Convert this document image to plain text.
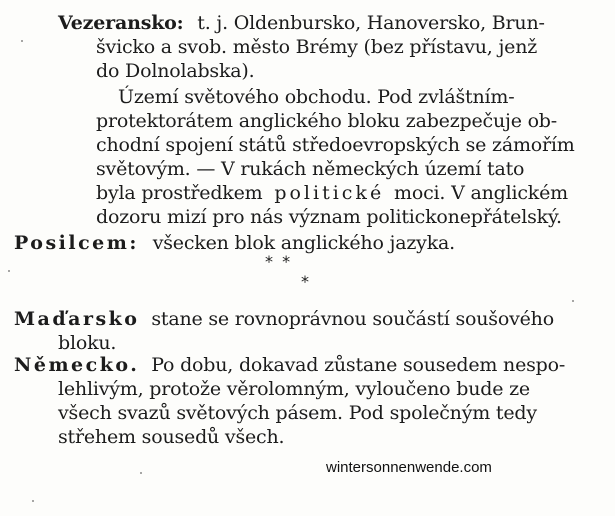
Vezeransko: t. j. Oldenbursko, Hanoversko, Brun-
švicko a svob. město Brémy (bez přístavu, jenž
do Dolnolabska).
Území světového obchodu. Pod zvláštním-
protektorátem anglického bloku zabezpečuje ob-
chodní spojení států středoevropských se zámořím
světovým. — V rukách německých území tato
byla prostředkem politické moci. V anglickém
dozoru mizí pro nás význam politickonepřátelský.
Posilcem: všecken blok anglického jazyka.
* *
*
Maďarsko stane se rovnoprávnou součástí soušového
bloku.
Německo. Po dobu, dokavad zůstane sousedem nespo-
lehlivým, protože věrolomným, vyloučeno bude ze
všech svazů světových pásem. Pod společným tedy
střehem sousedů všech.
wintersonnenwende.com
